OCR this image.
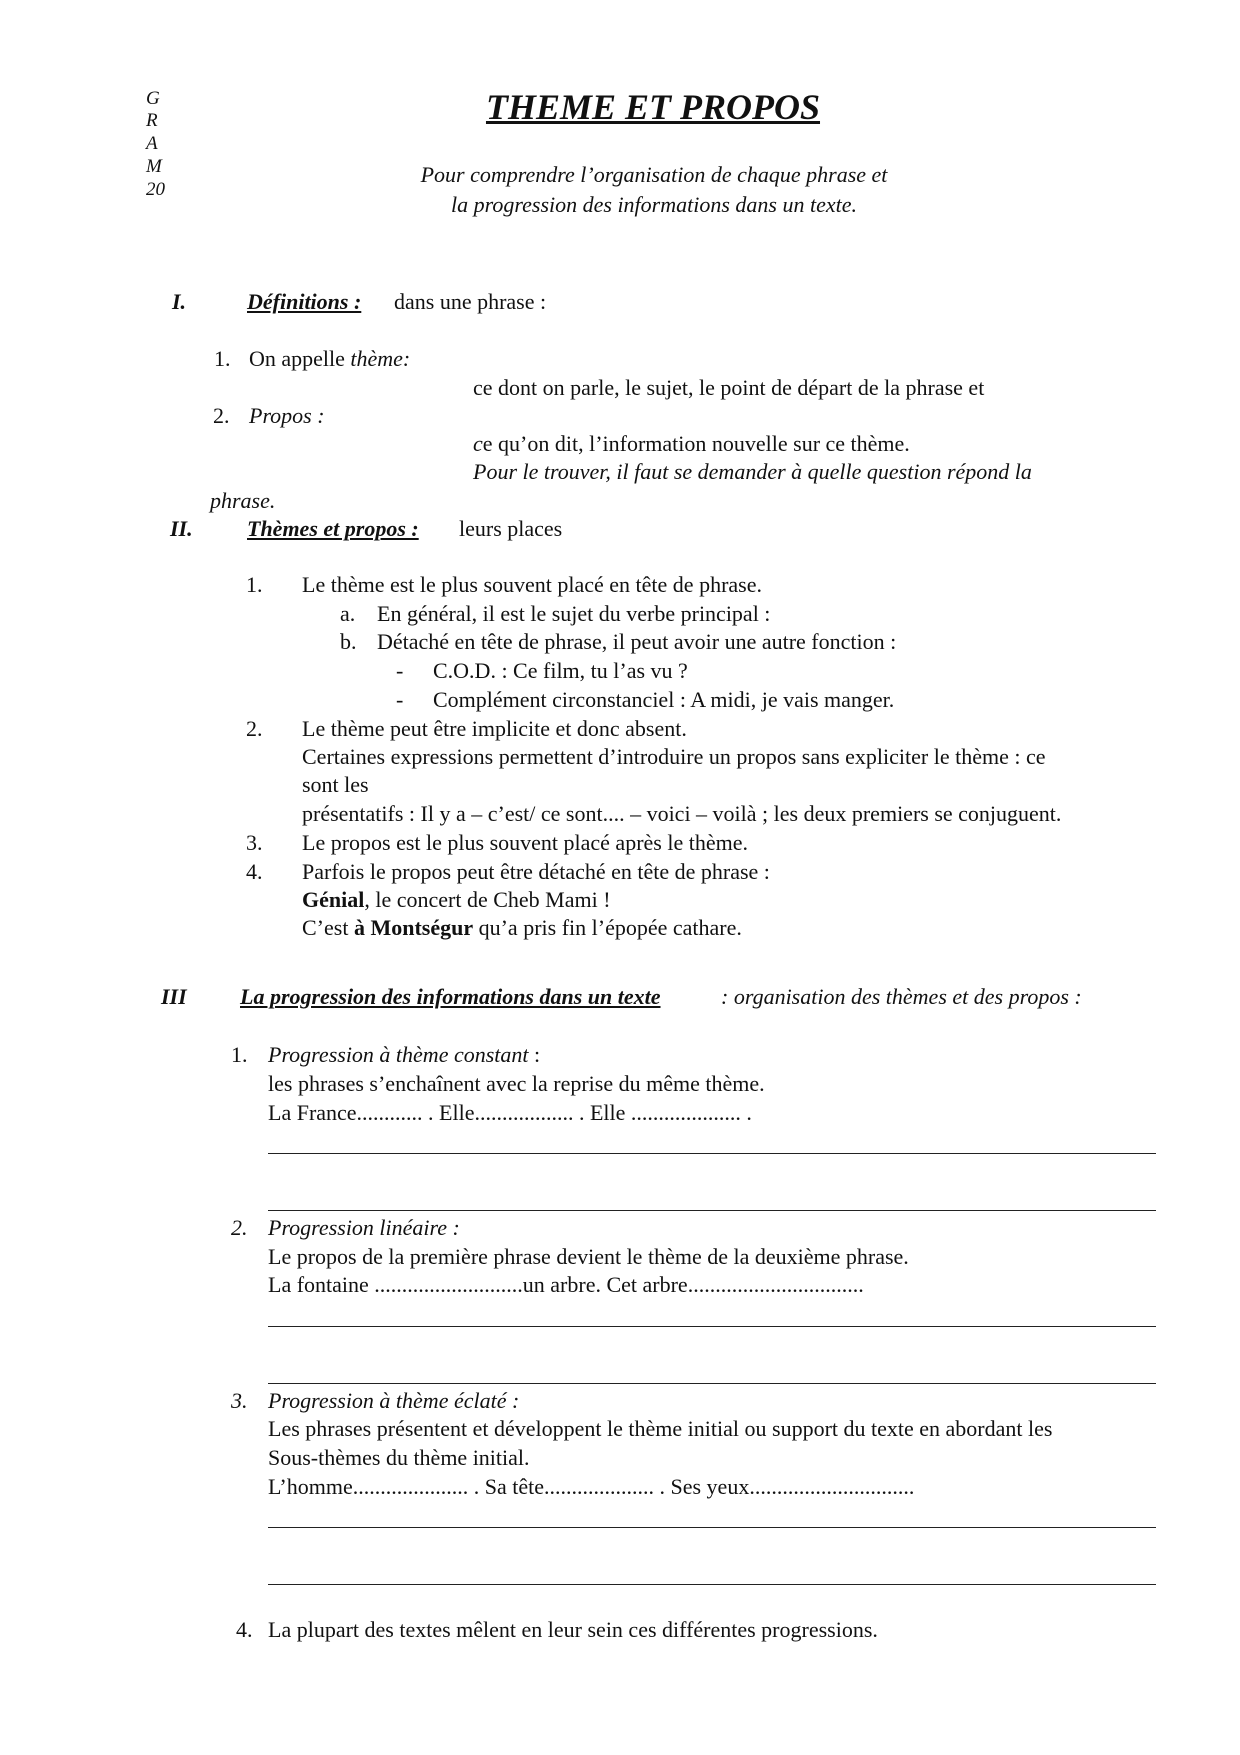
G
R
A
M
20
THEME ET PROPOS
Pour comprendre l’organisation de chaque phrase et
la progression des informations dans un texte.
I.	Définitions : dans une phrase :
1. On appelle thème:
ce dont on parle, le sujet, le point de départ de la phrase et
2. Propos :
ce qu’on dit, l’information nouvelle sur ce thème.
Pour le trouver, il faut se demander à quelle question répond la
phrase.
II. Thèmes et propos : leurs places
1. Le thème est le plus souvent placé en tête de phrase.
a. En général, il est le sujet du verbe principal :
b. Détaché en tête de phrase, il peut avoir une autre fonction :
- C.O.D. : Ce film, tu l’as vu ?
- Complément circonstanciel : A midi, je vais manger.
2. Le thème peut être implicite et donc absent.
Certaines expressions permettent d’introduire un propos sans expliciter le thème : ce
sont les
présentatifs : Il y a – c’est/ ce sont.... – voici – voilà ; les deux premiers se conjuguent.
3. Le propos est le plus souvent placé après le thème.
4. Parfois le propos peut être détaché en tête de phrase :
Génial, le concert de Cheb Mami !
C’est à Montségur qu’a pris fin l’épopée cathare.
III La progression des informations dans un texte	: organisation des thèmes et des propos :
1. Progression à thème constant :
les phrases s’enchaînent avec la reprise du même thème.
La France............ . Elle.................. . Elle .................... .
2. Progression linéaire :
Le propos de la première phrase devient le thème de la deuxième phrase.
La fontaine ...........................un arbre. Cet arbre................................
3. Progression à thème éclaté :
Les phrases présentent et développent le thème initial ou support du texte en abordant les
Sous-thèmes du thème initial.
L’homme..................... . Sa tête.................... . Ses yeux..............................
4. La plupart des textes mêlent en leur sein ces différentes progressions.
